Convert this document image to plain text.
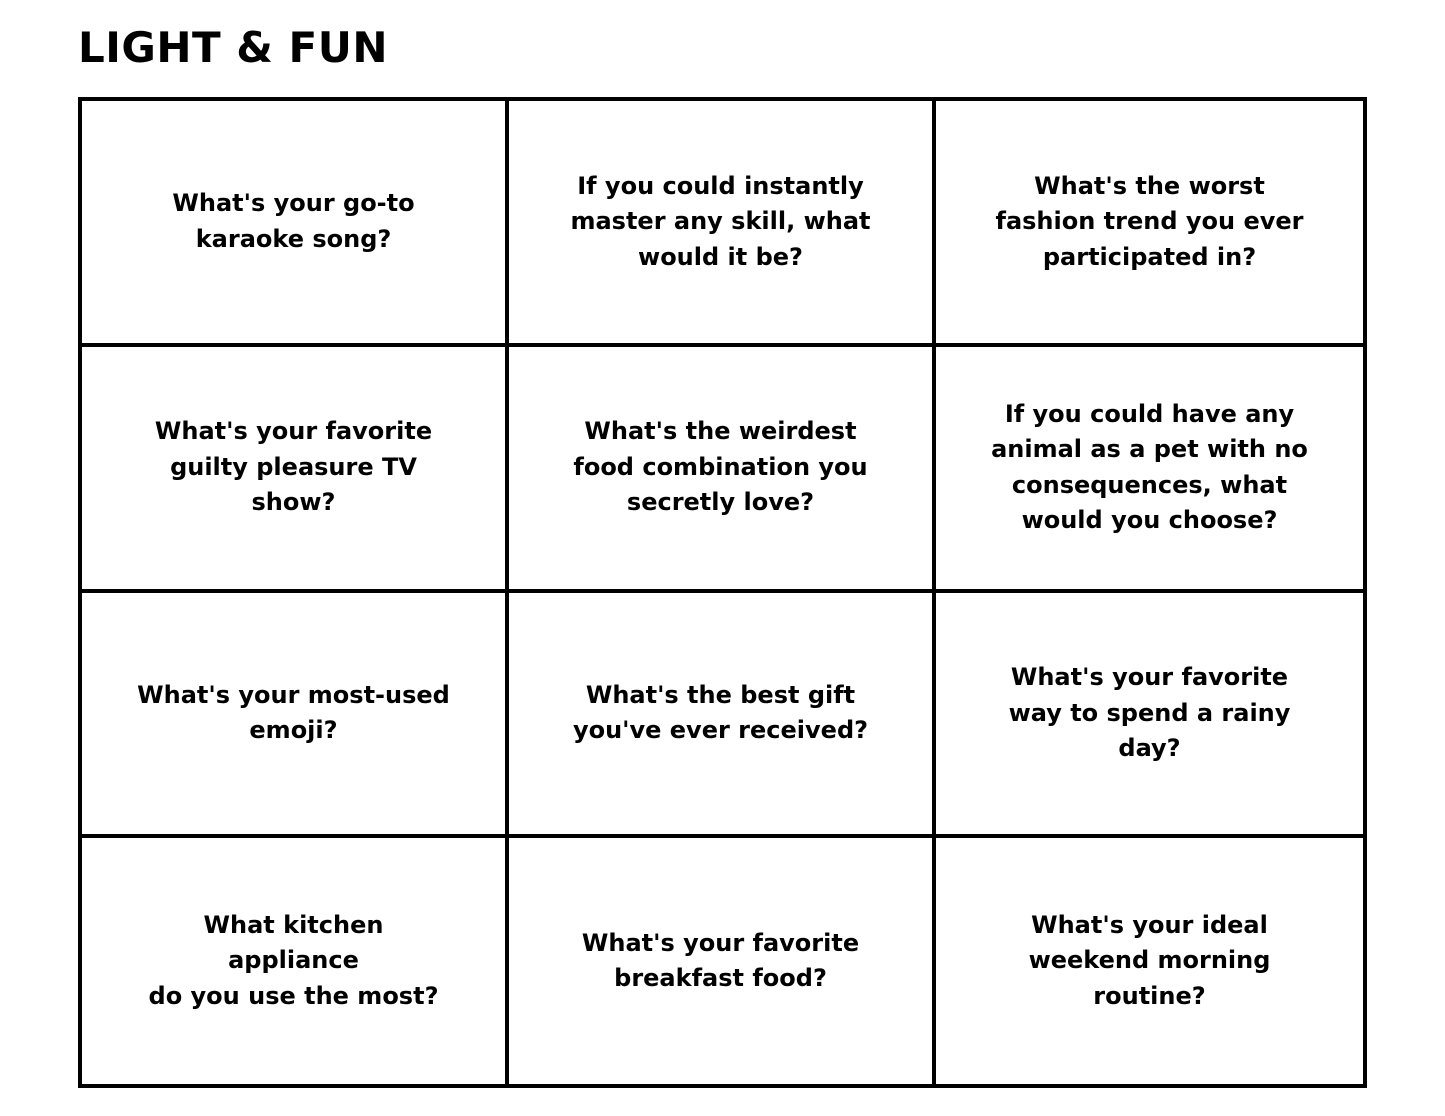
LIGHT & FUN
What's your go-to
karaoke song?
If you could instantly
master any skill, what
would it be?
What's the worst
fashion trend you ever
participated in?
What's your favorite
guilty pleasure TV
show?
What's the weirdest
food combination you
secretly love?
If you could have any
animal as a pet with no
consequences, what
would you choose?
What's your most-used
emoji?
What's the best gift
you've ever received?
What's your favorite
way to spend a rainy
day?
What kitchen appliance
do you use the most?
What's your favorite
breakfast food?
What's your ideal
weekend morning
routine?
